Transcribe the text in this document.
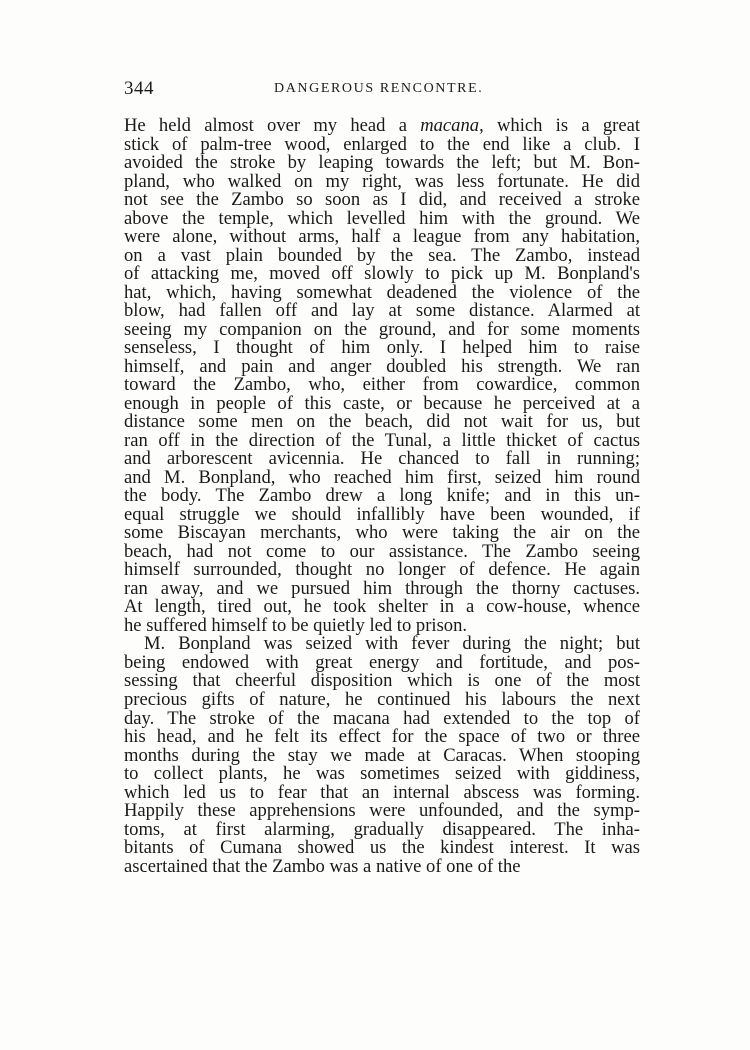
344	DANGEROUS RENCONTRE.
He held almost over my head a macana, which is a great
stick of palm-tree wood, enlarged to the end like a club. I
avoided the stroke by leaping towards the left; but M. Bon-
pland, who walked on my right, was less fortunate. He did
not see the Zambo so soon as I did, and received a stroke
above the temple, which levelled him with the ground. We
were alone, without arms, half a league from any habitation,
on a vast plain bounded by the sea. The Zambo, instead
of attacking me, moved off slowly to pick up M. Bonpland's
hat, which, having somewhat deadened the violence of the
blow, had fallen off and lay at some distance. Alarmed at
seeing my companion on the ground, and for some moments
senseless, I thought of him only. I helped him to raise
himself, and pain and anger doubled his strength. We ran
toward the Zambo, who, either from cowardice, common
enough in people of this caste, or because he perceived at a
distance some men on the beach, did not wait for us, but
ran off in the direction of the Tunal, a little thicket of cactus
and arborescent avicennia. He chanced to fall in running;
and M. Bonpland, who reached him first, seized him round
the body. The Zambo drew a long knife; and in this un-
equal struggle we should infallibly have been wounded, if
some Biscayan merchants, who were taking the air on the
beach, had not come to our assistance. The Zambo seeing
himself surrounded, thought no longer of defence. He again
ran away, and we pursued him through the thorny cactuses.
At length, tired out, he took shelter in a cow-house, whence
he suffered himself to be quietly led to prison.
M. Bonpland was seized with fever during the night; but
being endowed with great energy and fortitude, and pos-
sessing that cheerful disposition which is one of the most
precious gifts of nature, he continued his labours the next
day. The stroke of the macana had extended to the top of
his head, and he felt its effect for the space of two or three
months during the stay we made at Caracas. When stooping
to collect plants, he was sometimes seized with giddiness,
which led us to fear that an internal abscess was forming.
Happily these apprehensions were unfounded, and the symp-
toms, at first alarming, gradually disappeared. The inha-
bitants of Cumana showed us the kindest interest. It was
ascertained that the Zambo was a native of one of the
